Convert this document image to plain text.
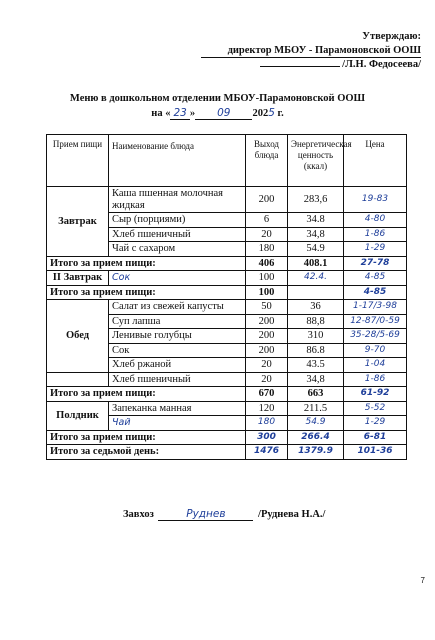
Утверждаю:
директор МБОУ - Парамоновской ООШ
/Л.Н. Федосеева/
Меню в дошкольном отделении МБОУ-Парамоновской ООШ
на « 23 » 09 2025 г.
Прием пищи	Наименование блюда	Выход блюда	Энергетическая ценность (ккал)	Цена
Завтрак	Каша пшенная молочная жидкая	200	283,6	19-83
	Сыр (порциями)	6	34.8	4-80
	Хлеб пшеничный	20	34,8	1-86
	Чай с сахаром	180	54.9	1-29
Итого за прием пищи:		406	408.1	27-78
II Завтрак	Сок	100	42.4.	4-85
Итого за прием пищи:		100		4-85
Обед	Салат из свежей капусты	50	36	1-17/3-98
	Суп лапша	200	88,8	12-87/0-59
	Ленивые голубцы	200	310	35-28/5-69
	Сок	200	86.8	9-70
	Хлеб ржаной	20	43.5	1-04
	Хлеб пшеничный	20	34,8	1-86
Итого за прием пищи:		670	663	61-92
Полдник	Запеканка манная	120	211.5	5-52
	Чай	180	54.9	1-29
Итого за прием пищи:		300	266.4	6-81
Итого за седьмой день:		1476	1379.9	101-36
Завхоз	Руднев	/Руднева Н.А./
7
